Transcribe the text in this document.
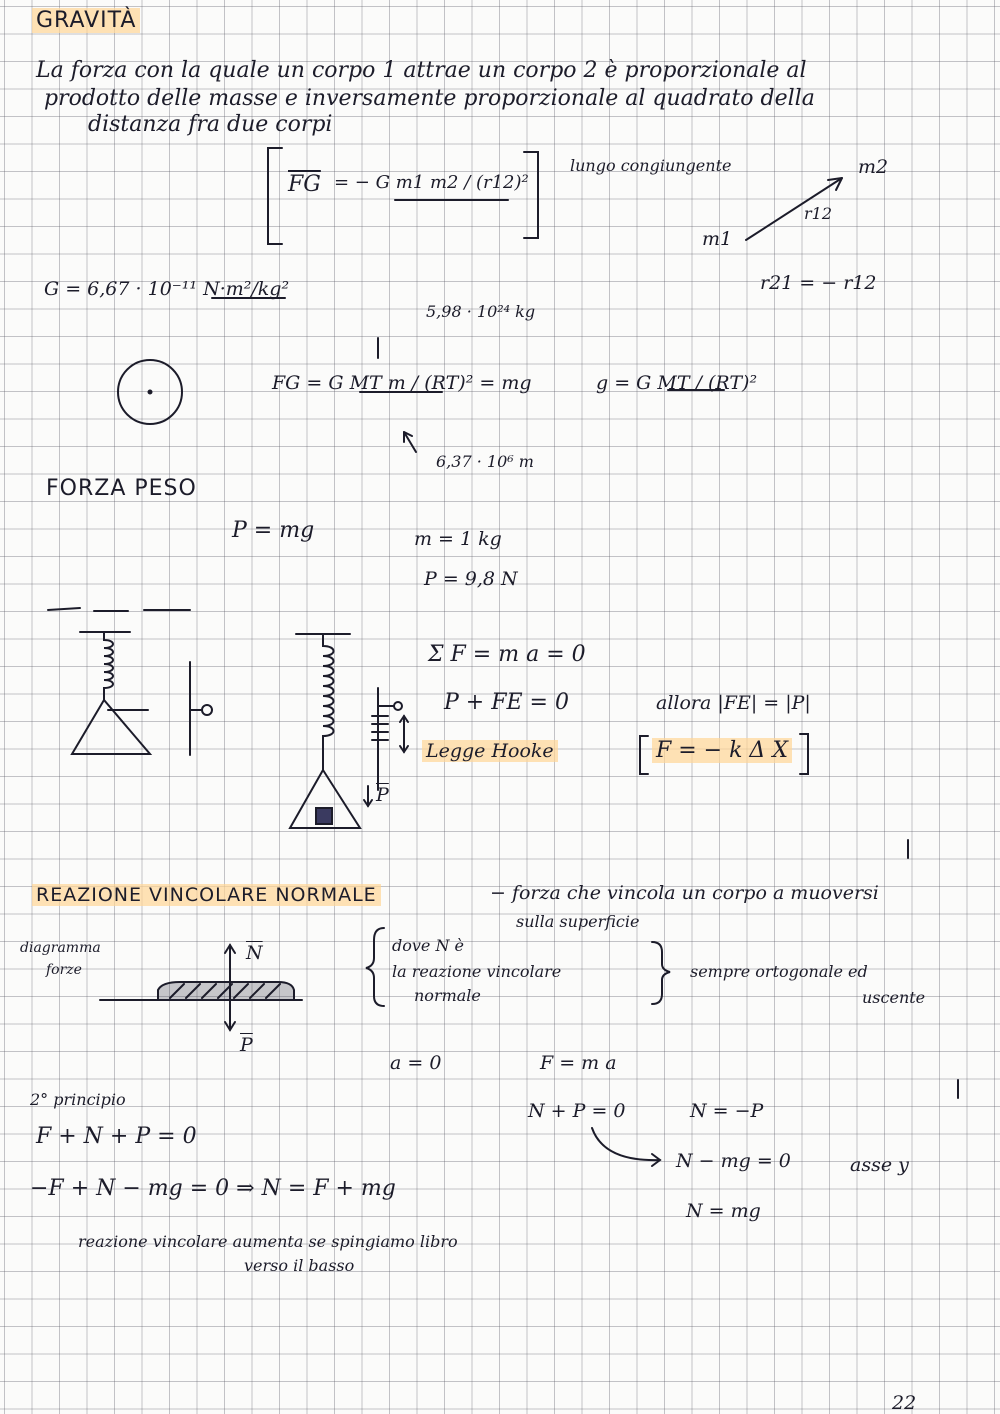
GRAVITÀ
La forza con la quale un corpo 1 attrae un corpo 2 è proporzionale al
prodotto delle masse e inversamente proporzionale al quadrato della
distanza fra due corpi
$\overline{FG}$ = − G m1 m2 / (r12)²
lungo congiungente	m2
r12
m1
r21 = − r12
G = 6,67 · 10⁻¹¹ N·m²/kg²
5,98 · 10²⁴ kg
FG = G MT m / (RT)² = mg	g = G MT / (RT)²
6,37 · 10⁶ m
FORZA PESO
P = mg	m = 1 kg
P = 9,8 N
Σ F = m a = 0
P + FE = 0	allora |FE| = |P|
Legge Hooke	F = − k Δ X
$\overline{P}$
REAZIONE VINCOLARE NORMALE	− forza che vincola un corpo a muoversi
sulla superficie
diagramma
forze
$\overline{N}$
$\overline{P}$
dove N è
la reazione vincolare
normale
sempre ortogonale ed
uscente
a = 0	F = m a
N + P = 0	N = −P
N − mg = 0	asse y
N = mg
2° principio
F + N + P = 0
−F + N − mg = 0 ⇒ N = F + mg
reazione vincolare aumenta se spingiamo libro
verso il basso
22
